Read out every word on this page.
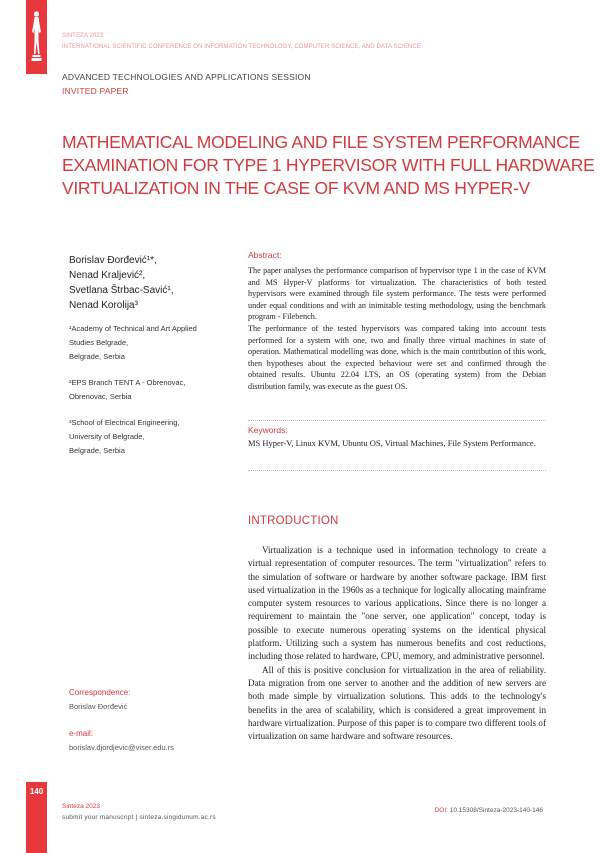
SINTEZA 2023
INTERNATIONAL SCIENTIFIC CONFERENCE ON INFORMATION TECHNOLOGY, COMPUTER SCIENCE, AND DATA SCIENCE
ADVANCED TECHNOLOGIES AND APPLICATIONS SESSION
INVITED PAPER
MATHEMATICAL MODELING AND FILE SYSTEM PERFORMANCE
EXAMINATION FOR TYPE 1 HYPERVISOR WITH FULL HARDWARE
VIRTUALIZATION IN THE CASE OF KVM AND MS HYPER-V
Borislav Đorđević¹*,
Nenad Kraljević²,
Svetlana Štrbac-Savić¹,
Nenad Korolija³
¹Academy of Technical and Art Applied
Studies Belgrade,
Belgrade, Serbia
²EPS Branch TENT A - Obrenovac,
Obrenovac, Serbia
³School of Electrical Engineering,
University of Belgrade,
Belgrade, Serbia
Abstract:

The paper analyses the performance comparison of hypervisor type 1 in the case of KVM and MS Hyper-V platforms for virtualization. The characteristics of both tested hypervisors were examined through file system performance. The tests were performed under equal conditions and with an inimitable testing methodology, using the benchmark program - Filebench.

The performance of the tested hypervisors was compared taking into account tests performed for a system with one, two and finally three virtual machines in state of operation. Mathematical modelling was done, which is the main contribution of this work, then hypotheses about the expected behaviour were set and confirmed through the obtained results. Ubuntu 22.04 LTS, an OS (operating system) from the Debian distribution family, was execute as the guest OS.

Keywords:
MS Hyper-V, Linux KVM, Ubuntu OS, Virtual Machines, File System Performance.
INTRODUCTION

Virtualization is a technique used in information technology to create a virtual representation of computer resources. The term "virtualization" refers to the simulation of software or hardware by another software package. IBM first used virtualization in the 1960s as a technique for logically allocating mainframe computer system resources to various applications. Since there is no longer a requirement to maintain the "one server, one application" concept, today is possible to execute numerous operating systems on the identical physical platform. Utilizing such a system has numerous benefits and cost reductions, including those related to hardware, CPU, memory, and administrative personnel.

All of this is positive conclusion for virtualization in the area of reliability. Data migration from one server to another and the addition of new servers are both made simple by virtualization solutions. This adds to the technology's benefits in the area of scalability, which is considered a great improvement in hardware virtualization. Purpose of this paper is to compare two different tools of virtualization on same hardware and software resources.

Correspondence:
Borislav Đorđević
e-mail:
borislav.djordjevic@viser.edu.rs
140
Sinteza 2023
submit your manuscript | sinteza.singidunum.ac.rs
DOI: 10.15308/Sinteza-2023-140-146
